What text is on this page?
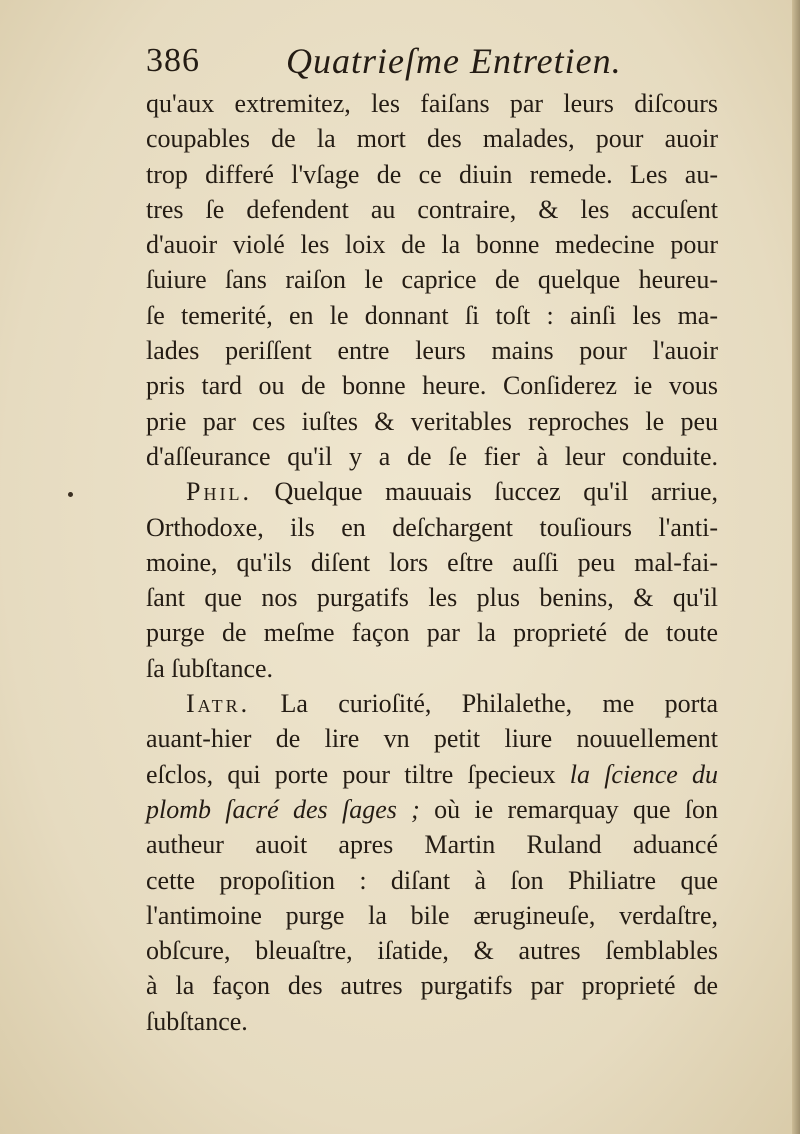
386 Quatrieſme Entretien.
qu'aux extremitez, les faiſans par leurs diſcours
coupables de la mort des malades, pour auoir
trop differé l'vſage de ce diuin remede. Les au-
tres ſe defendent au contraire, & les accuſent
d'auoir violé les loix de la bonne medecine pour
ſuiure ſans raiſon le caprice de quelque heureu-
ſe temerité, en le donnant ſi toſt : ainſi les ma-
lades periſſent entre leurs mains pour l'auoir
pris tard ou de bonne heure. Conſiderez ie vous
prie par ces iuſtes & veritables reproches le peu
d'aſſeurance qu'il y a de ſe fier à leur conduite.
Phil. Quelque mauuais ſuccez qu'il arriue,
Orthodoxe, ils en deſchargent touſiours l'anti-
moine, qu'ils diſent lors eſtre auſſi peu mal-fai-
ſant que nos purgatifs les plus benins, & qu'il
purge de meſme façon par la proprieté de toute
ſa ſubſtance.
Iatr. La curioſité, Philalethe, me porta
auant-hier de lire vn petit liure nouuellement
eſclos, qui porte pour tiltre ſpecieux la ſcience du
plomb ſacré des ſages ; où ie remarquay que ſon
autheur auoit apres Martin Ruland aduancé
cette propoſition : diſant à ſon Philiatre que
l'antimoine purge la bile æruginеuſe, verdaſtre,
obſcure, bleuaſtre, iſatide, & autres ſemblables
à la façon des autres purgatifs par proprieté de
ſubſtance.
